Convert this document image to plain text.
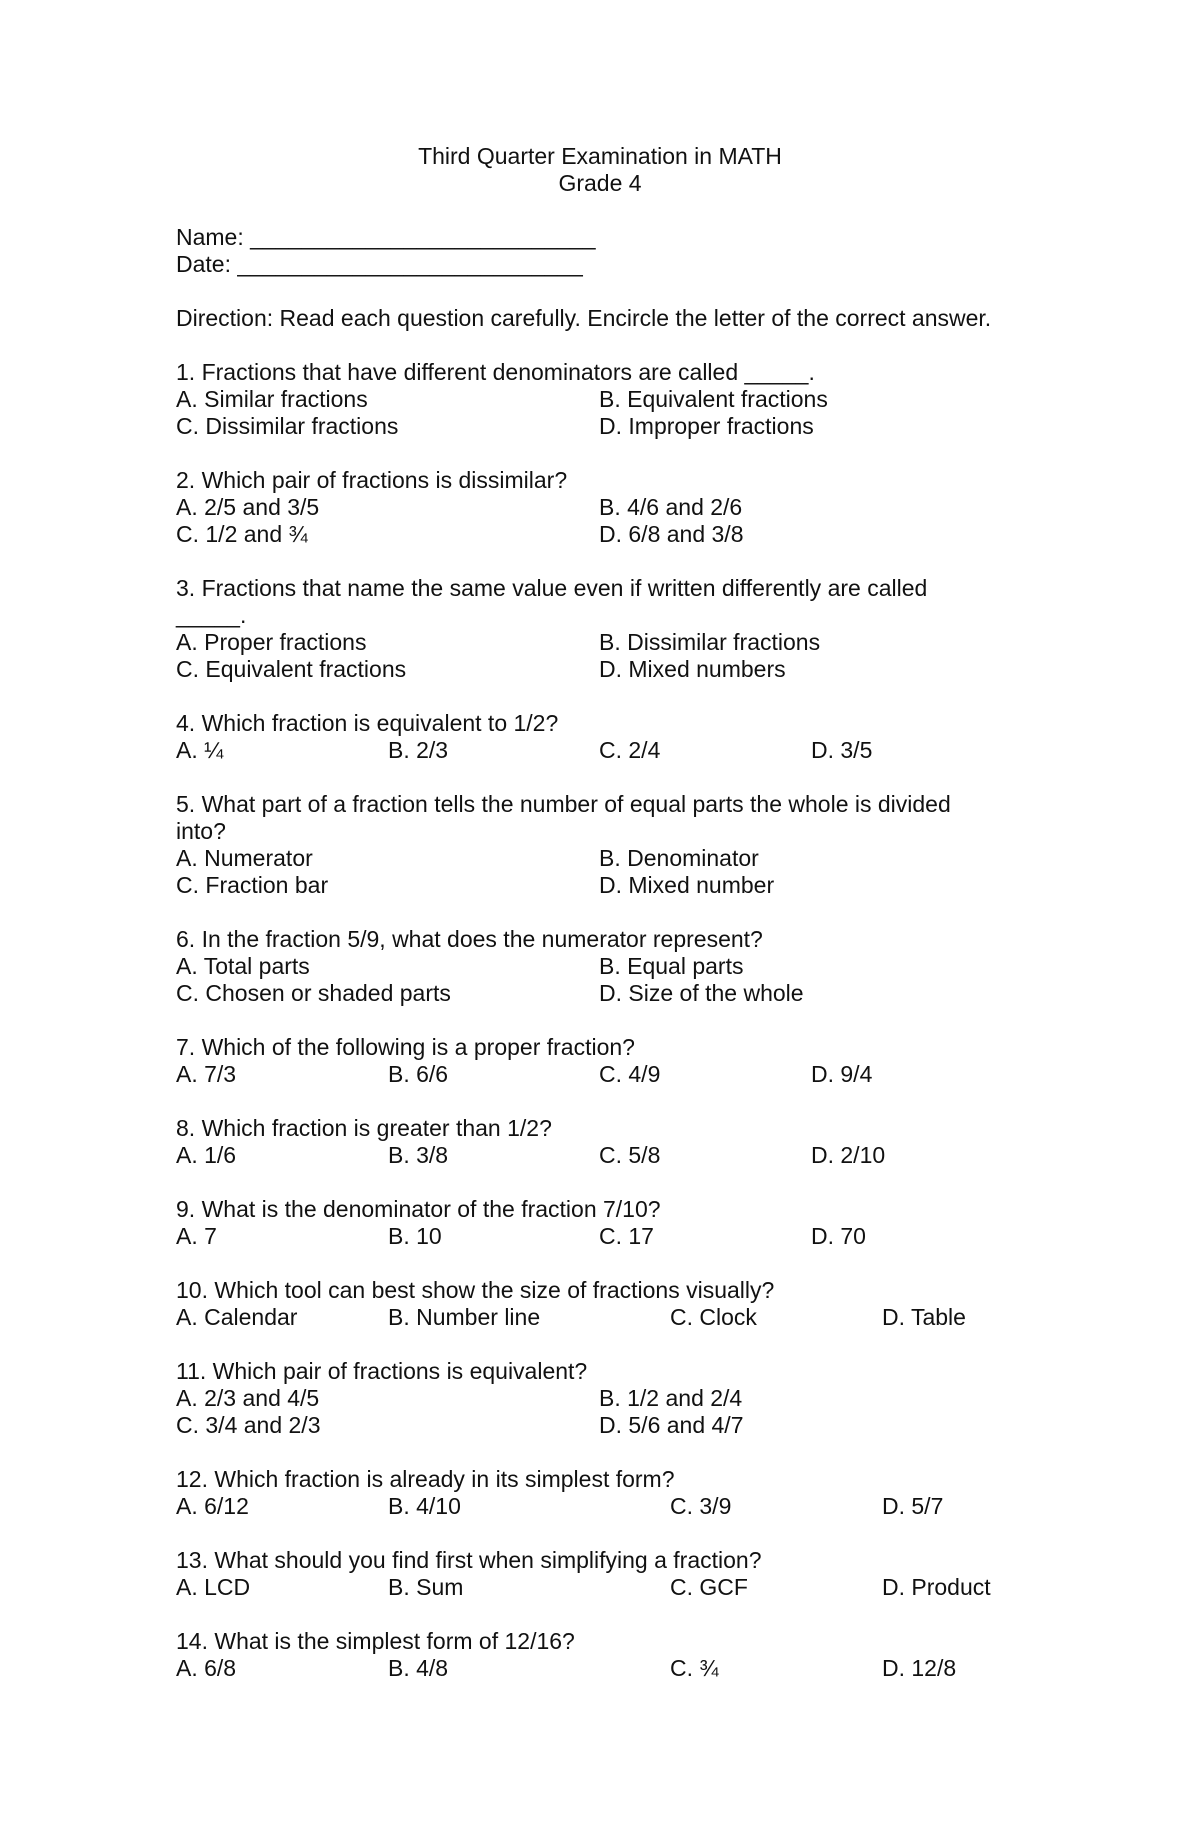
Third Quarter Examination in MATH
Grade 4
Name: ___________________________
Date: ___________________________
Direction: Read each question carefully. Encircle the letter of the correct answer.
1. Fractions that have different denominators are called _____.
A. Similar fractions	B. Equivalent fractions
C. Dissimilar fractions	D. Improper fractions
2. Which pair of fractions is dissimilar?
A. 2/5 and 3/5	B. 4/6 and 2/6
C. 1/2 and ¾	D. 6/8 and 3/8
3. Fractions that name the same value even if written differently are called
_____.
A. Proper fractions	B. Dissimilar fractions
C. Equivalent fractions	D. Mixed numbers
4. Which fraction is equivalent to 1/2?
A. ¼	B. 2/3	C. 2/4	D. 3/5
5. What part of a fraction tells the number of equal parts the whole is divided
into?
A. Numerator	B. Denominator
C. Fraction bar	D. Mixed number
6. In the fraction 5/9, what does the numerator represent?
A. Total parts	B. Equal parts
C. Chosen or shaded parts	D. Size of the whole
7. Which of the following is a proper fraction?
A. 7/3	B. 6/6	C. 4/9	D. 9/4
8. Which fraction is greater than 1/2?
A. 1/6	B. 3/8	C. 5/8	D. 2/10
9. What is the denominator of the fraction 7/10?
A. 7	B. 10	C. 17	D. 70
10. Which tool can best show the size of fractions visually?
A. Calendar	B. Number line	C. Clock	D. Table
11. Which pair of fractions is equivalent?
A. 2/3 and 4/5	B. 1/2 and 2/4
C. 3/4 and 2/3	D. 5/6 and 4/7
12. Which fraction is already in its simplest form?
A. 6/12	B. 4/10	C. 3/9	D. 5/7
13. What should you find first when simplifying a fraction?
A. LCD	B. Sum	C. GCF	D. Product
14. What is the simplest form of 12/16?
A. 6/8	B. 4/8	C. ¾	D. 12/8
